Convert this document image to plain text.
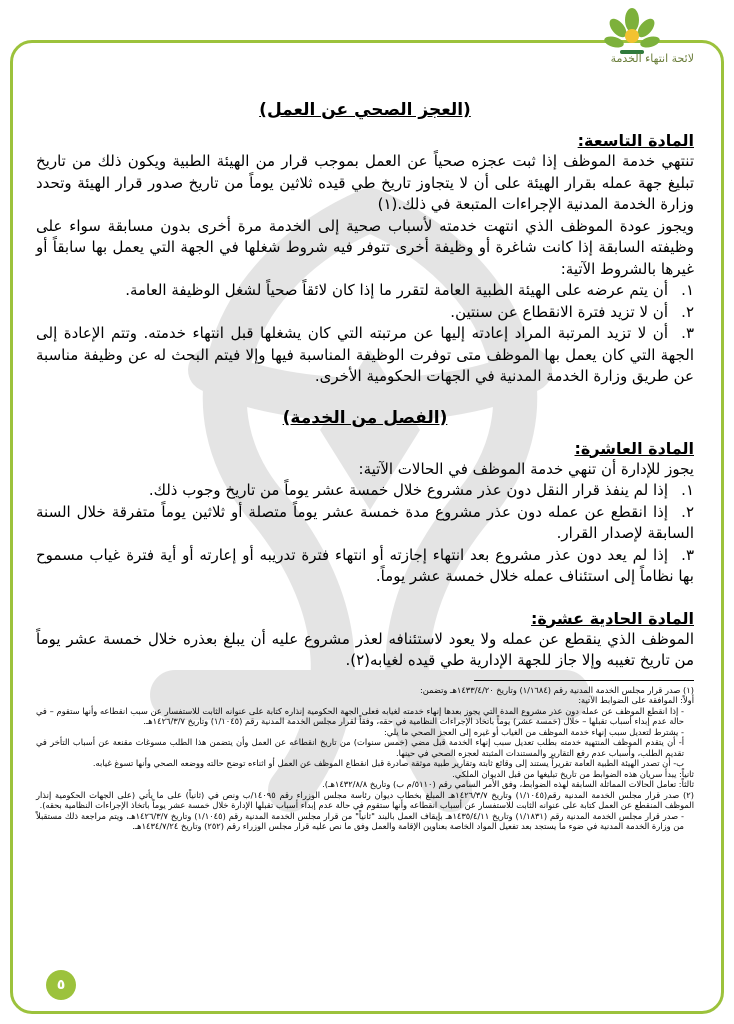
لائحة انتهاء الخدمة
(العجز الصحي عن العمل)
المادة التاسعة:

تنتهي خدمة الموظف إذا ثبت عجزه صحياً عن العمل بموجب قرار من الهيئة الطبية ويكون ذلك من تاريخ تبليغ جهة عمله بقرار الهيئة على أن لا يتجاوز تاريخ طي قيده ثلاثين يوماً من تاريخ صدور قرار الهيئة وتحدد وزارة الخدمة المدنية الإجراءات المتبعة في ذلك.(١)

ويجوز عودة الموظف الذي انتهت خدمته لأسباب صحية إلى الخدمة مرة أخرى بدون مسابقة سواء على وظيفته السابقة إذا كانت شاغرة أو وظيفة أخرى تتوفر فيه شروط شغلها في الجهة التي يعمل بها سابقاً أو غيرها بالشروط الآتية:

١.أن يتم عرضه على الهيئة الطبية العامة لتقرر ما إذا كان لائقاً صحياً لشغل الوظيفة العامة.
٢.أن لا تزيد فترة الانقطاع عن سنتين.
٣.أن لا تزيد المرتبة المراد إعادته إليها عن مرتبته التي كان يشغلها قبل انتهاء خدمته. وتتم الإعادة إلى الجهة التي كان يعمل بها الموظف متى توفرت الوظيفة المناسبة فيها وإلا فيتم البحث له عن وظيفة مناسبة عن طريق وزارة الخدمة المدنية في الجهات الحكومية الأخرى.
(الفصل من الخدمة)
المادة العاشرة:

يجوز للإدارة أن تنهي خدمة الموظف في الحالات الآتية:

١.إذا لم ينفذ قرار النقل دون عذر مشروع خلال خمسة عشر يوماً من تاريخ وجوب ذلك.
٢.إذا انقطع عن عمله دون عذر مشروع مدة خمسة عشر يوماً متصلة أو ثلاثين يوماً متفرقة خلال السنة السابقة لإصدار القرار.
٣.إذا لم يعد دون عذر مشروع بعد انتهاء إجازته أو انتهاء فترة تدريبه أو إعارته أو أية فترة غياب مسموح بها نظاماً إلى استئناف عمله خلال خمسة عشر يوماً.
المادة الحادية عشرة:

الموظف الذي ينقطع عن عمله ولا يعود لاستئنافه لعذر مشروع عليه أن يبلغ بعذره خلال خمسة عشر يوماً من تاريخ تغيبه وإلا جاز للجهة الإدارية طي قيده لغيابه(٢).

(١) صدر قرار مجلس الخدمة المدنية رقم (١/١٦٨٤) وتاريخ ١٤٣٣/٤/٢٠هـ وتضمن:

أولاً: الموافقة على الضوابط الآتية:

- إذا انقطع الموظف عن عمله دون عذر مشروع المدة التي يجوز بعدها إنهاء خدمته لغيابه فعلى الجهة الحكومية إنذاره كتابة على عنوانه الثابت للاستفسار عن سبب انقطاعه وأنها ستقوم – في حالة عدم إبداء أسباب تقبلها – خلال (خمسة عشر) يوماً باتخاذ الإجراءات النظامية في حقه، وفقاً لقرار مجلس الخدمة المدنية رقم (١/١٠٤٥) وتاريخ ١٤٢٦/٣/٧هـ.

- يشترط لتعديل سبب إنهاء خدمة الموظف من الغياب أو غيره إلى العجز الصحي ما يلي:

أ- أن يتقدم الموظف المنتهية خدمته بطلب تعديل سبب إنهاء الخدمة قبل مضي (خمس سنوات) من تاريخ انقطاعه عن العمل وأن يتضمن هذا الطلب مسوغات مقنعة عن أسباب التأخر في تقديم الطلب، وأسباب عدم رفع التقارير والمستندات المثبتة لعجزه الصحي في حينها.

ب- أن تصدر الهيئة الطبية العامة تقريراً يستند إلى وقائع ثابتة وتقارير طبية موثقة صادرة قبل انقطاع الموظف عن العمل أو اثناءه توضح حالته ووضعه الصحي وأنها تسوغ غيابه.

ثانياً: يبدأ سريان هذه الضوابط من تاريخ تبليغها من قبل الديوان الملكي.

ثالثاً: تعامل الحالات المماثلة السابقة لهذه الضوابط، وفق الأمر السامي رقم (٥١١٠/م ب) وتاريخ ١٤٣٢/٨/٨هـ).

(٢) صدر قرار مجلس الخدمة المدنية رقم(١/١٠٤٥) وتاريخ ١٤٢٦/٣/٧هـ المبلغ بخطاب ديوان رئاسة مجلس الوزراء رقم ١٤٠٩٥/ب ونص في (ثانياً) على ما يأتي (على الجهات الحكومية إنذار الموظف المنقطع عن العمل كتابة على عنوانه الثابت للاستفسار عن أسباب انقطاعه وأنها ستقوم في حالة عدم إبداء أسباب تقبلها الإدارة خلال خمسة عشر يوماً باتخاذ الإجراءات النظامية بحقه).

- صدر قرار مجلس الخدمة المدنية رقم (١/١٨٣١) وتاريخ ١٤٣٥/٤/١١هـ بإيقاف العمل بالبند "ثانياً" من قرار مجلس الخدمة المدنية رقم (١/١٠٤٥) وتاريخ ١٤٢٦/٣/٧هـ، ويتم مراجعة ذلك مستقبلاً من وزارة الخدمة المدنية في ضوء ما يستجد بعد تفعيل المواد الخاصة بعناوين الإقامة والعمل وفق ما نص عليه قرار مجلس الوزراء رقم (٢٥٢) وتاريخ ١٤٣٤/٧/٢٤هـ.

٥
